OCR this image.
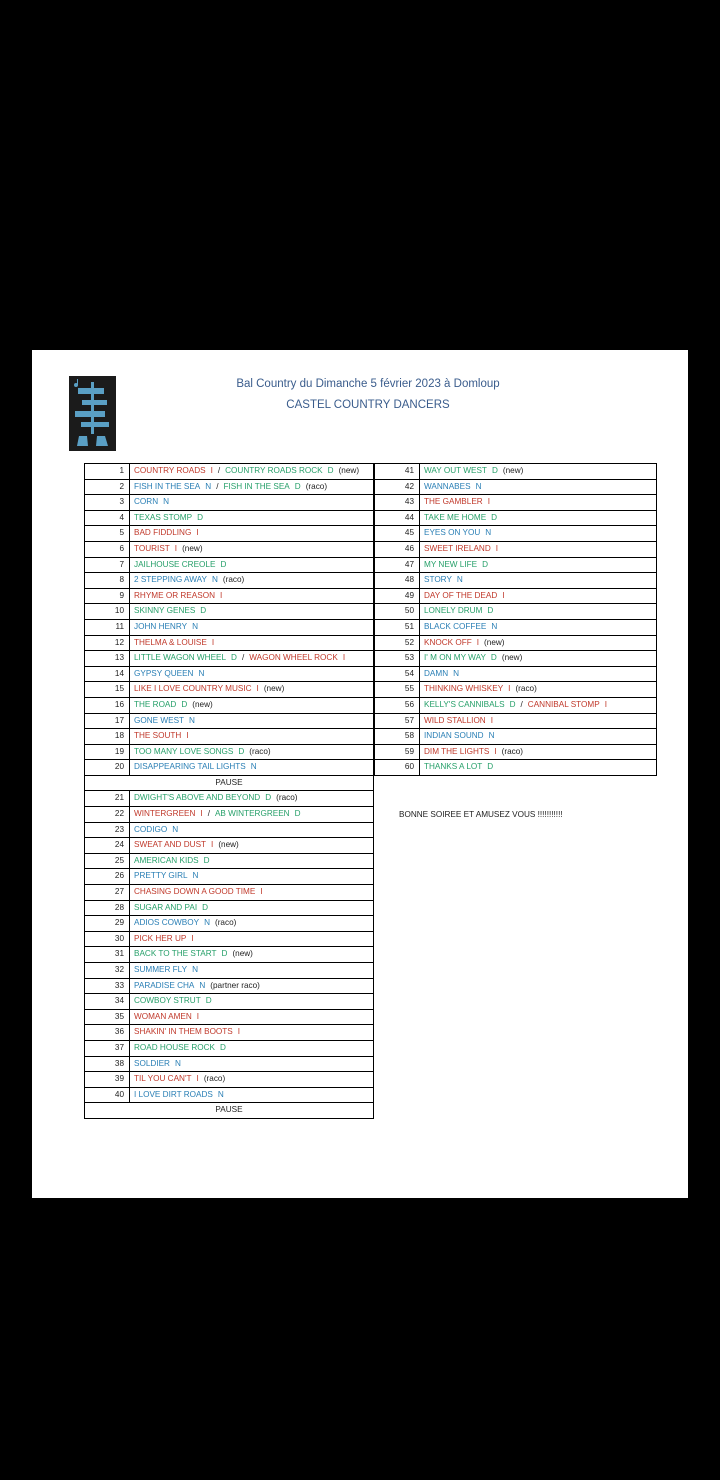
Bal Country du Dimanche 5 février 2023 à Domloup
CASTEL COUNTRY DANCERS
1	COUNTRY ROADS I / COUNTRY ROADS ROCK D (new)
2	FISH IN THE SEA N / FISH IN THE SEA D (raco)
3	CORN N
4	TEXAS STOMP D
5	BAD FIDDLING I
6	TOURIST I (new)
7	JAILHOUSE CREOLE D
8	2 STEPPING AWAY N (raco)
9	RHYME OR REASON I
10	SKINNY GENES D
11	JOHN HENRY N
12	THELMA & LOUISE I
13	LITTLE WAGON WHEEL D / WAGON WHEEL ROCK I
14	GYPSY QUEEN N
15	LIKE I LOVE COUNTRY MUSIC I (new)
16	THE ROAD D (new)
17	GONE WEST N
18	THE SOUTH I
19	TOO MANY LOVE SONGS D (raco)
20	DISAPPEARING TAIL LIGHTS N
PAUSE	
21	DWIGHT'S ABOVE AND BEYOND D (raco)
22	WINTERGREEN I / AB WINTERGREEN D
23	CODIGO N
24	SWEAT AND DUST I (new)
25	AMERICAN KIDS D
26	PRETTY GIRL N
27	CHASING DOWN A GOOD TIME I
28	SUGAR AND PAI D
29	ADIOS COWBOY N (raco)
30	PICK HER UP I
31	BACK TO THE START D (new)
32	SUMMER FLY N
33	PARADISE CHA N (partner raco)
34	COWBOY STRUT D
35	WOMAN AMEN I
36	SHAKIN' IN THEM BOOTS I
37	ROAD HOUSE ROCK D
38	SOLDIER N
39	TIL YOU CAN'T I (raco)
40	I LOVE DIRT ROADS N
PAUSE	
41	WAY OUT WEST D (new)
42	WANNABES N
43	THE GAMBLER I
44	TAKE ME HOME D
45	EYES ON YOU N
46	SWEET IRELAND I
47	MY NEW LIFE D
48	STORY N
49	DAY OF THE DEAD I
50	LONELY DRUM D
51	BLACK COFFEE N
52	KNOCK OFF I (new)
53	I' M ON MY WAY D (new)
54	DAMN N
55	THINKING WHISKEY I (raco)
56	KELLY'S CANNIBALS D / CANNIBAL STOMP I
57	WILD STALLION I
58	INDIAN SOUND N
59	DIM THE LIGHTS I (raco)
60	THANKS A LOT D
BONNE SOIREE ET AMUSEZ VOUS !!!!!!!!!!!
